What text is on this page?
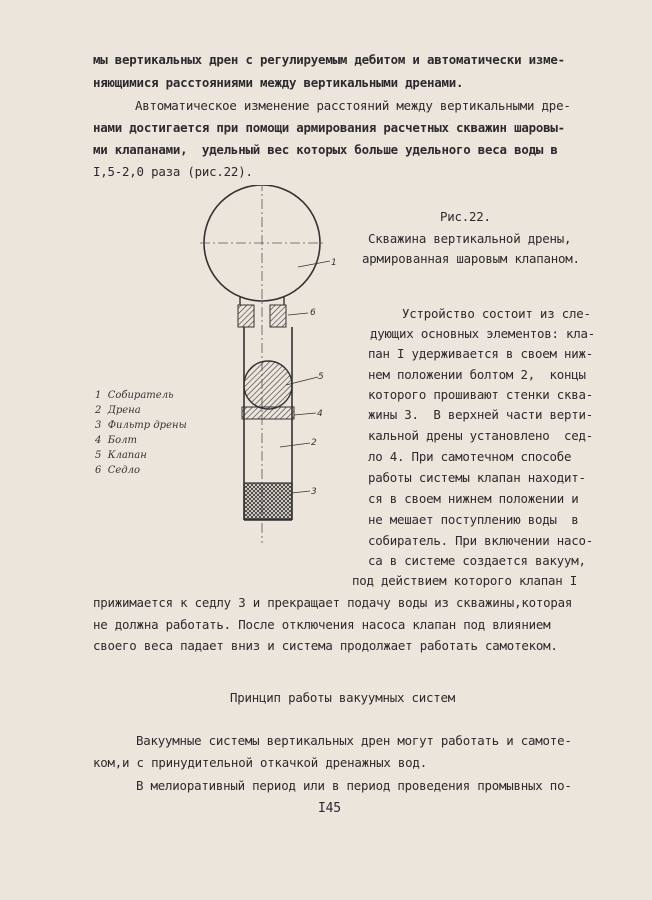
мы вертикальных дрен с регулируемым дебитом и автоматически изме-
няющимися расстояниями между вертикальными дренами.
Автоматическое изменение расстояний между вертикальными дре-
нами достигается при помощи армирования расчетных скважин шаровы-
ми клапанами,  удельный вес которых больше удельного веса воды в
I,5-2,0 раза (рис.22).
1
6
5
4
2
3
1  Собиратель
2  Дрена
3  Фильтр дрены
4  Болт
5  Клапан
6  Седло
Рис.22.
Скважина вертикальной дрены,
армированная шаровым клапаном.
Устройство состоит из сле-
дующих основных элементов: кла-
пан I удерживается в своем ниж-
нем положении болтом 2,  концы
которого прошивают стенки сква-
жины 3.  В верхней части верти-
кальной дрены установлено  сед-
ло 4. При самотечном способе
работы системы клапан находит-
ся в своем нижнем положении и
не мешает поступлению воды  в
собиратель. При включении насо-
са в системе создается вакуум,
под действием которого клапан I
прижимается к седлу 3 и прекращает подачу воды из скважины,которая
не должна работать. После отключения насоса клапан под влиянием
своего веса падает вниз и система продолжает работать самотеком.
Принцип работы вакуумных систем
Вакуумные системы вертикальных дрен могут работать и самоте-
ком,и с принудительной откачкой дренажных вод.
В мелиоративный период или в период проведения промывных по-
I45
